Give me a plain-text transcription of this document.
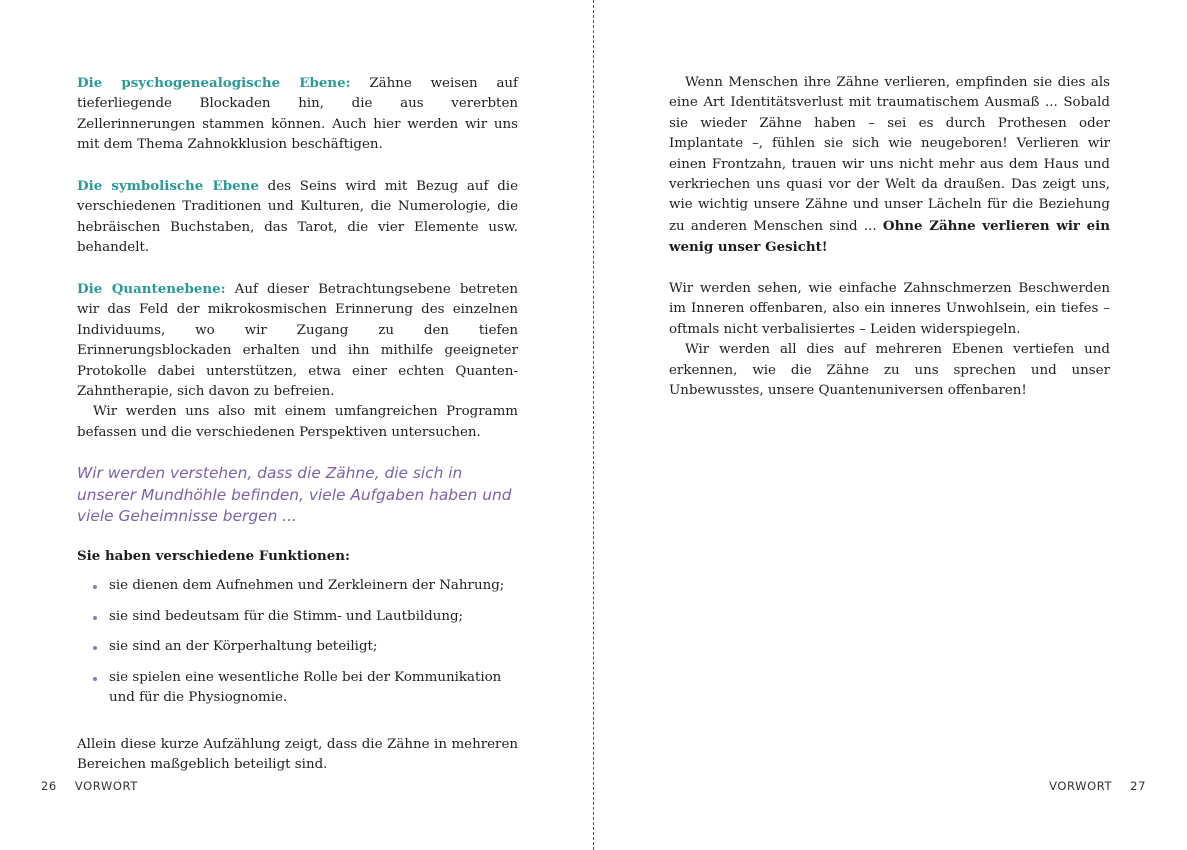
Die psychogenealogische Ebene: Zähne weisen auf tieferliegende Blockaden hin, die aus vererbten Zellerinnerungen stammen können. Auch hier werden wir uns mit dem Thema Zahnokklusion beschäftigen.

Die symbolische Ebene des Seins wird mit Bezug auf die verschiedenen Traditionen und Kulturen, die Numerologie, die hebräischen Buchstaben, das Tarot, die vier Elemente usw. behandelt.

Die Quantenebene: Auf dieser Betrachtungsebene betreten wir das Feld der mikrokosmischen Erinnerung des einzelnen Individuums, wo wir Zugang zu den tiefen Erinnerungsblockaden erhalten und ihn mithilfe geeigneter Protokolle dabei unterstützen, etwa einer echten Quanten-Zahntherapie, sich davon zu befreien.

Wir werden uns also mit einem umfangreichen Programm befassen und die verschiedenen Perspektiven untersuchen.

Wir werden verstehen, dass die Zähne, die sich in unserer Mundhöhle befinden, viele Aufgaben haben und viele Geheimnisse bergen ...

Sie haben verschiedene Funktionen:

sie dienen dem Aufnehmen und Zerkleinern der Nahrung;
sie sind bedeutsam für die Stimm- und Lautbildung;
sie sind an der Körperhaltung beteiligt;
sie spielen eine wesentliche Rolle bei der Kommunikation und für die Physiognomie.

Allein diese kurze Aufzählung zeigt, dass die Zähne in mehreren Bereichen maßgeblich beteiligt sind.

26 VORWORT

Wenn Menschen ihre Zähne verlieren, empfinden sie dies als eine Art Identitätsverlust mit traumatischem Ausmaß ... Sobald sie wieder Zähne haben – sei es durch Prothesen oder Implantate –, fühlen sie sich wie neugeboren! Verlieren wir einen Frontzahn, trauen wir uns nicht mehr aus dem Haus und verkriechen uns quasi vor der Welt da draußen. Das zeigt uns, wie wichtig unsere Zähne und unser Lächeln für die Beziehung zu anderen Menschen sind ... Ohne Zähne verlieren wir ein wenig unser Gesicht!

Wir werden sehen, wie einfache Zahnschmerzen Beschwerden im Inneren offenbaren, also ein inneres Unwohlsein, ein tiefes – oftmals nicht verbalisiertes – Leiden widerspiegeln.

Wir werden all dies auf mehreren Ebenen vertiefen und erkennen, wie die Zähne zu uns sprechen und unser Unbewusstes, unsere Quantenuniversen offenbaren!

VORWORT 27
